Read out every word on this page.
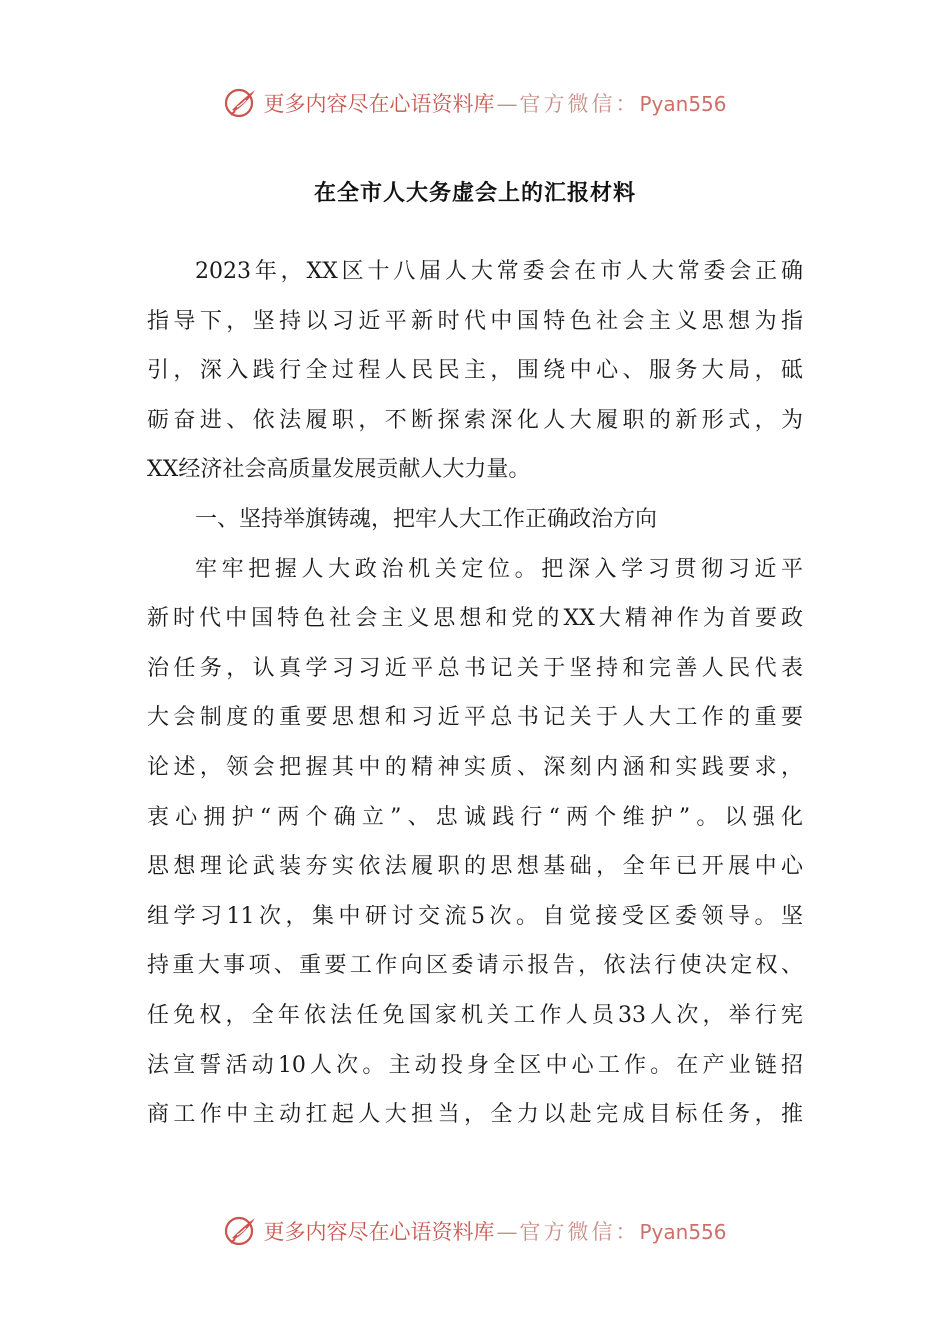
更多内容尽在心语资料库—官方微信：Pyan556
在全市人大务虚会上的汇报材料
2023年，XX区十八届人大常委会在市人大常委会正确
指导下，坚持以习近平新时代中国特色社会主义思想为指
引，深入践行全过程人民民主，围绕中心、服务大局，砥
砺奋进、依法履职，不断探索深化人大履职的新形式，为
XX经济社会高质量发展贡献人大力量。
一、坚持举旗铸魂，把牢人大工作正确政治方向
牢牢把握人大政治机关定位。把深入学习贯彻习近平
新时代中国特色社会主义思想和党的XX大精神作为首要政
治任务，认真学习习近平总书记关于坚持和完善人民代表
大会制度的重要思想和习近平总书记关于人大工作的重要
论述，领会把握其中的精神实质、深刻内涵和实践要求，
衷心拥护“两个确立”、忠诚践行“两个维护”。以强化
思想理论武装夯实依法履职的思想基础，全年已开展中心
组学习11次，集中研讨交流5次。自觉接受区委领导。坚
持重大事项、重要工作向区委请示报告，依法行使决定权、
任免权，全年依法任免国家机关工作人员33人次，举行宪
法宣誓活动10人次。主动投身全区中心工作。在产业链招
商工作中主动扛起人大担当，全力以赴完成目标任务，推
更多内容尽在心语资料库—官方微信：Pyan556
